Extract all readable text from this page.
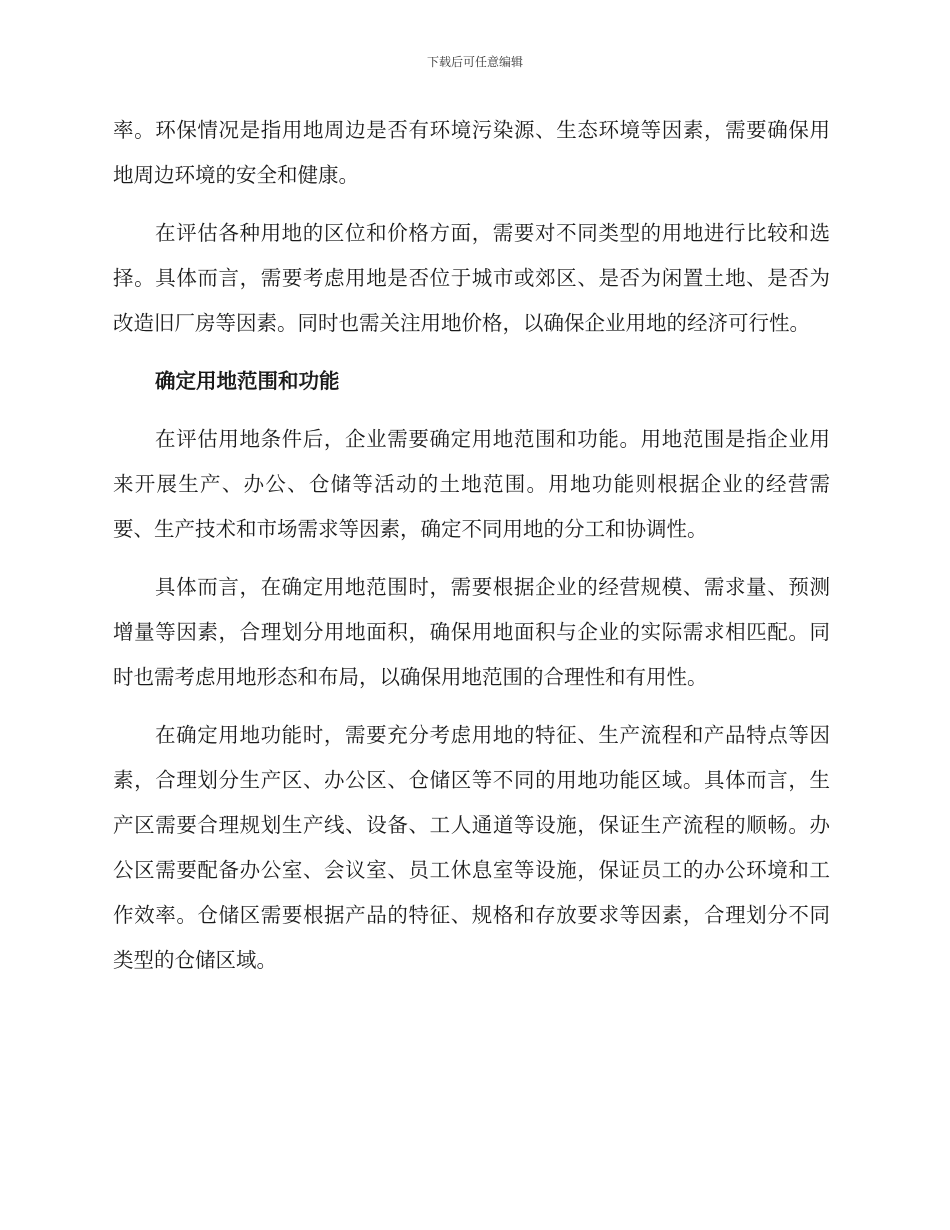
下载后可任意编辑

率。环保情况是指用地周边是否有环境污染源、生态环境等因素，需要确保用地周边环境的安全和健康。

在评估各种用地的区位和价格方面，需要对不同类型的用地进行比较和选择。具体而言，需要考虑用地是否位于城市或郊区、是否为闲置土地、是否为改造旧厂房等因素。同时也需关注用地价格，以确保企业用地的经济可行性。

确定用地范围和功能

在评估用地条件后，企业需要确定用地范围和功能。用地范围是指企业用来开展生产、办公、仓储等活动的土地范围。用地功能则根据企业的经营需要、生产技术和市场需求等因素，确定不同用地的分工和协调性。

具体而言，在确定用地范围时，需要根据企业的经营规模、需求量、预测增量等因素，合理划分用地面积，确保用地面积与企业的实际需求相匹配。同时也需考虑用地形态和布局，以确保用地范围的合理性和有用性。

在确定用地功能时，需要充分考虑用地的特征、生产流程和产品特点等因素，合理划分生产区、办公区、仓储区等不同的用地功能区域。具体而言，生产区需要合理规划生产线、设备、工人通道等设施，保证生产流程的顺畅。办公区需要配备办公室、会议室、员工休息室等设施，保证员工的办公环境和工作效率。仓储区需要根据产品的特征、规格和存放要求等因素，合理划分不同类型的仓储区域。
